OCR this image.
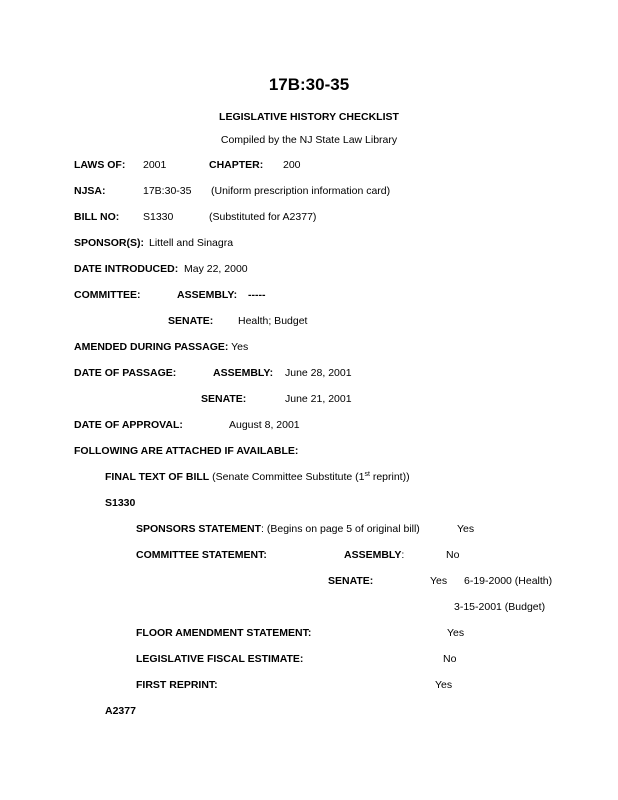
17B:30-35
LEGISLATIVE HISTORY CHECKLIST
Compiled by the NJ State Law Library
LAWS OF: 2001	CHAPTER: 200
NJSA:	17B:30-35 (Uniform prescription information card)
BILL NO: S1330	(Substituted for A2377)
SPONSOR(S): Littell and Sinagra
DATE INTRODUCED: May 22, 2000
COMMITTEE:	ASSEMBLY: -----
SENATE: Health; Budget
AMENDED DURING PASSAGE: Yes
DATE OF PASSAGE:	ASSEMBLY: June 28, 2001
SENATE:	June 21, 2001
DATE OF APPROVAL:	August 8, 2001
FOLLOWING ARE ATTACHED IF AVAILABLE:
FINAL TEXT OF BILL (Senate Committee Substitute (1st reprint))
S1330
SPONSORS STATEMENT: (Begins on page 5 of original bill)	Yes
COMMITTEE STATEMENT:	ASSEMBLY:	No
SENATE:	Yes 6-19-2000 (Health)
3-15-2001 (Budget)
FLOOR AMENDMENT STATEMENT:	Yes
LEGISLATIVE FISCAL ESTIMATE:	No
FIRST REPRINT:	Yes
A2377
